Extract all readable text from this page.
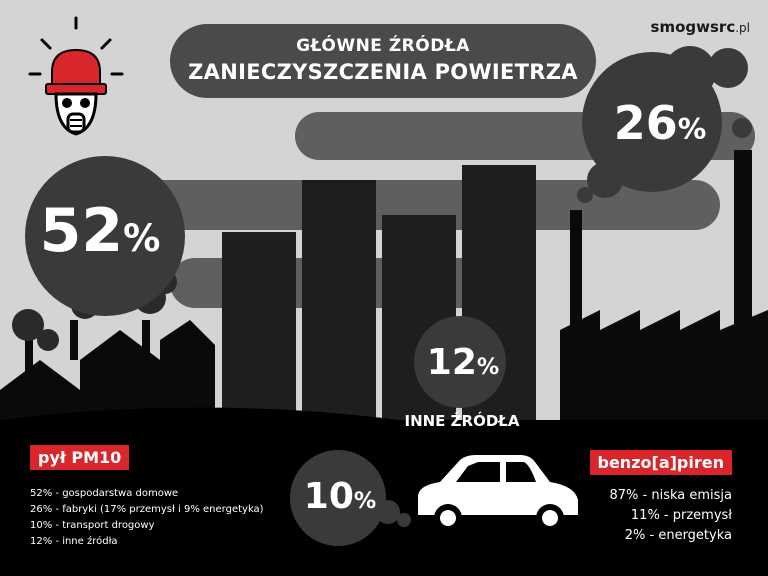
smogwsrc.pl
GŁÓWNE ŹRÓDŁA
ZANIECZYSZCZENIA POWIETRZA
52%
26%
12%
INNE ŹRÓDŁA
10%
pył PM10
52% - gospodarstwa domowe
26% - fabryki (17% przemysł i 9% energetyka)
10% - transport drogowy
12% - inne źródła
benzo[a]piren
87% - niska emisja
11% - przemysł
2% - energetyka
